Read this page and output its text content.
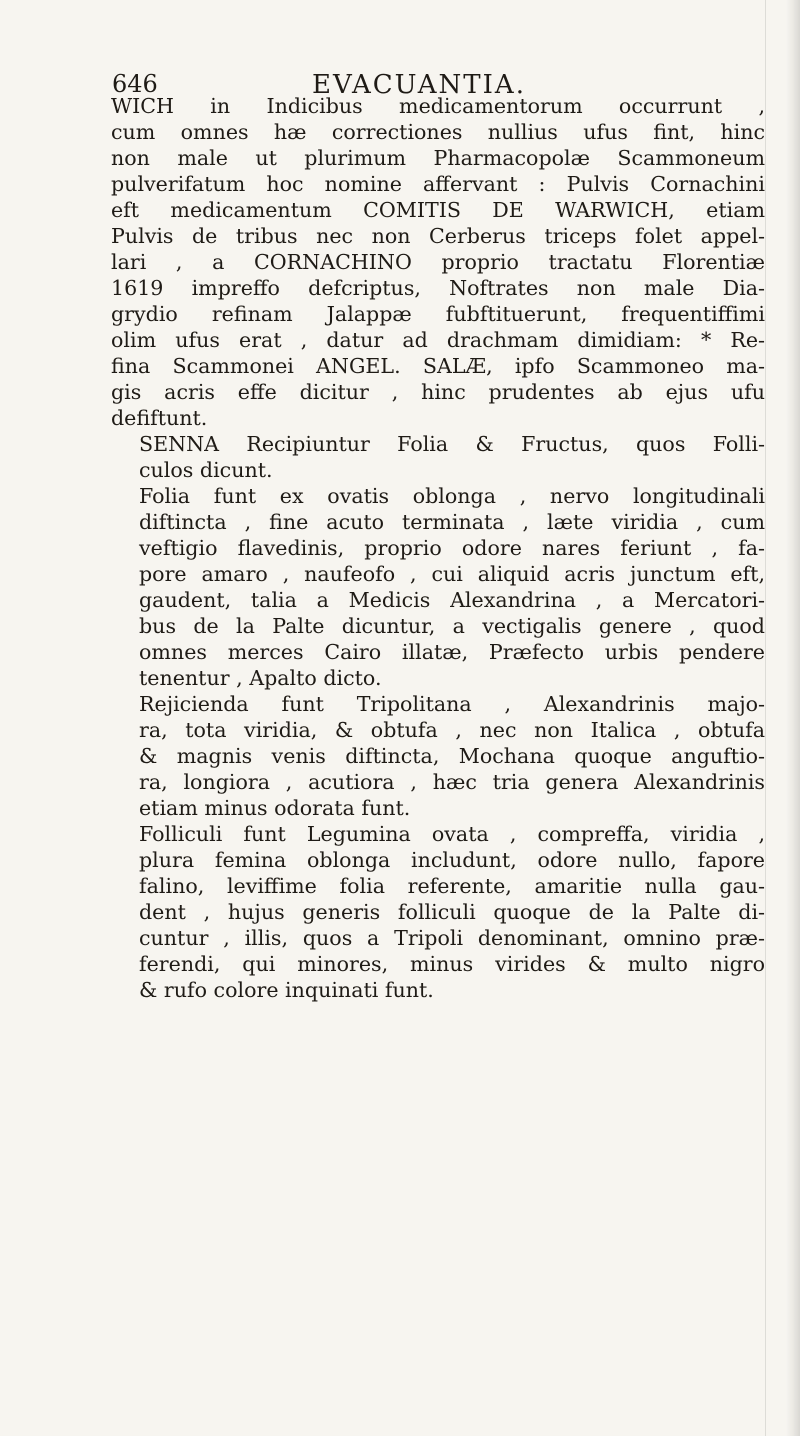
646	EVACUANTIA.

WICH in Indicibus medicamentorum occurrunt ,
cum omnes hæ correctiones nullius ufus fint, hinc
non male ut plurimum Pharmacopolæ Scammoneum
pulverifatum hoc nomine affervant : Pulvis Cornachini
eft medicamentum COMITIS DE WARWICH, etiam
Pulvis de tribus nec non Cerberus triceps folet appel-
lari , a CORNACHINO proprio tractatu Florentiæ
1619 impreffo defcriptus, Noftrates non male Dia-
grydio refinam Jalappæ fubftituerunt, frequentiffimi
olim ufus erat , datur ad drachmam dimidiam: * Re-
fina Scammonei ANGEL. SALÆ, ipfo Scammoneo ma-
gis acris effe dicitur , hinc prudentes ab ejus ufu
defiftunt.

SENNA Recipiuntur Folia & Fructus, quos Folli-
culos dicunt.

Folia funt ex ovatis oblonga , nervo longitudinali
diftincta , fine acuto terminata , læte viridia , cum
veftigio flavedinis, proprio odore nares feriunt , fa-
pore amaro , naufeofo , cui aliquid acris junctum eft,
gaudent, talia a Medicis Alexandrina , a Mercatori-
bus de la Palte dicuntur, a vectigalis genere , quod
omnes merces Cairo illatæ, Præfecto urbis pendere
tenentur , Apalto dicto.

Rejicienda funt Tripolitana , Alexandrinis majo-
ra, tota viridia, & obtufa , nec non Italica , obtufa
& magnis venis diftincta, Mochana quoque anguftio-
ra, longiora , acutiora , hæc tria genera Alexandrinis
etiam minus odorata funt.

Folliculi funt Legumina ovata , compreffa, viridia ,
plura femina oblonga includunt, odore nullo, fapore
falino, leviffime folia referente, amaritie nulla gau-
dent , hujus generis folliculi quoque de la Palte di-
cuntur , illis, quos a Tripoli denominant, omnino præ-
ferendi, qui minores, minus virides & multo nigro
& rufo colore inquinati funt.
